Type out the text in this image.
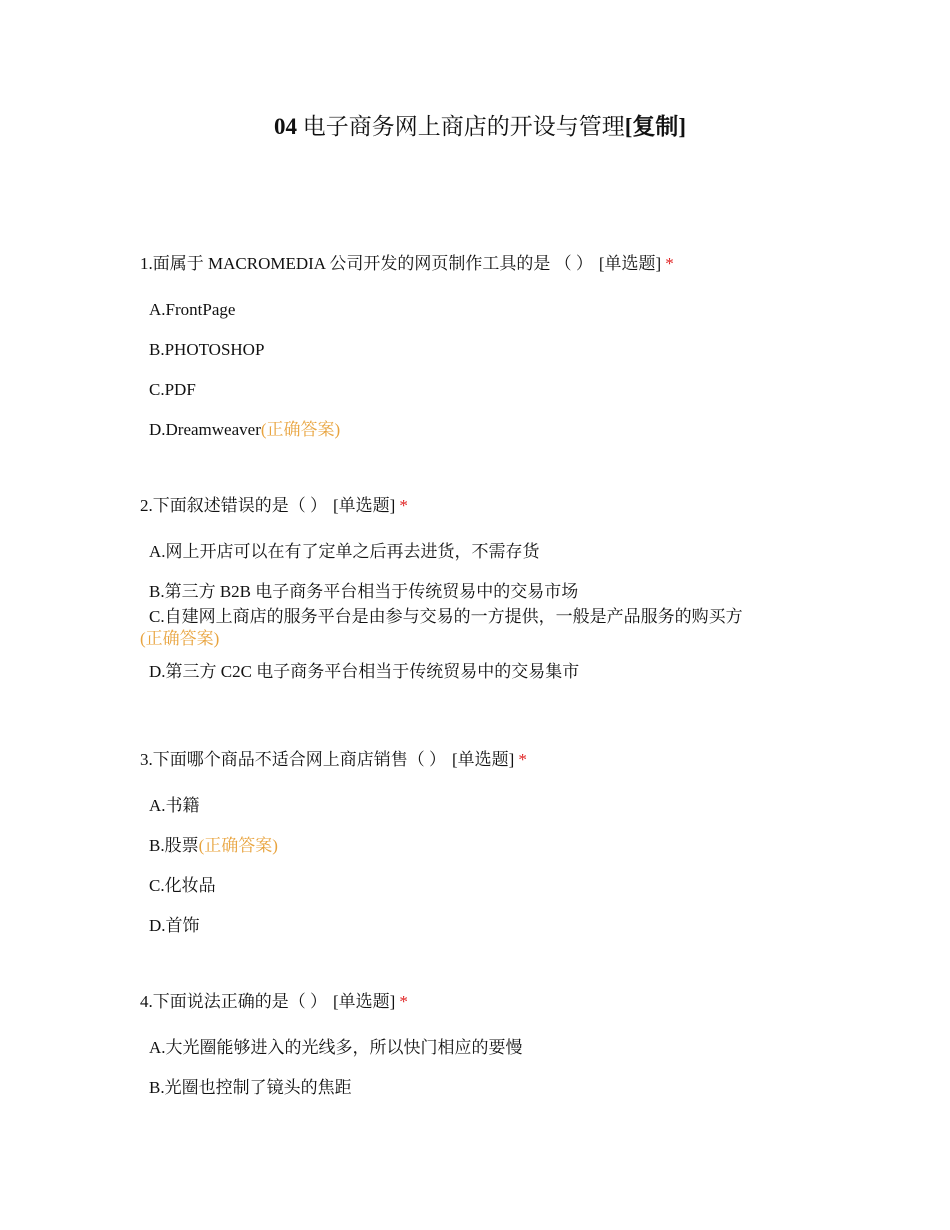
04 电子商务网上商店的开设与管理[复制]
1.面属于 MACROMEDIA 公司开发的网页制作工具的是 （ ） [单选题] *
A.FrontPage
B.PHOTOSHOP
C.PDF
D.Dreamweaver(正确答案)
2.下面叙述错误的是（ ） [单选题] *
A.网上开店可以在有了定单之后再去进货，不需存货
B.第三方 B2B 电子商务平台相当于传统贸易中的交易市场
C.自建网上商店的服务平台是由参与交易的一方提供，一般是产品服务的购买方
(正确答案)
D.第三方 C2C 电子商务平台相当于传统贸易中的交易集市
3.下面哪个商品不适合网上商店销售（ ） [单选题] *
A.书籍
B.股票(正确答案)
C.化妆品
D.首饰
4.下面说法正确的是（ ） [单选题] *
A.大光圈能够进入的光线多，所以快门相应的要慢
B.光圈也控制了镜头的焦距
